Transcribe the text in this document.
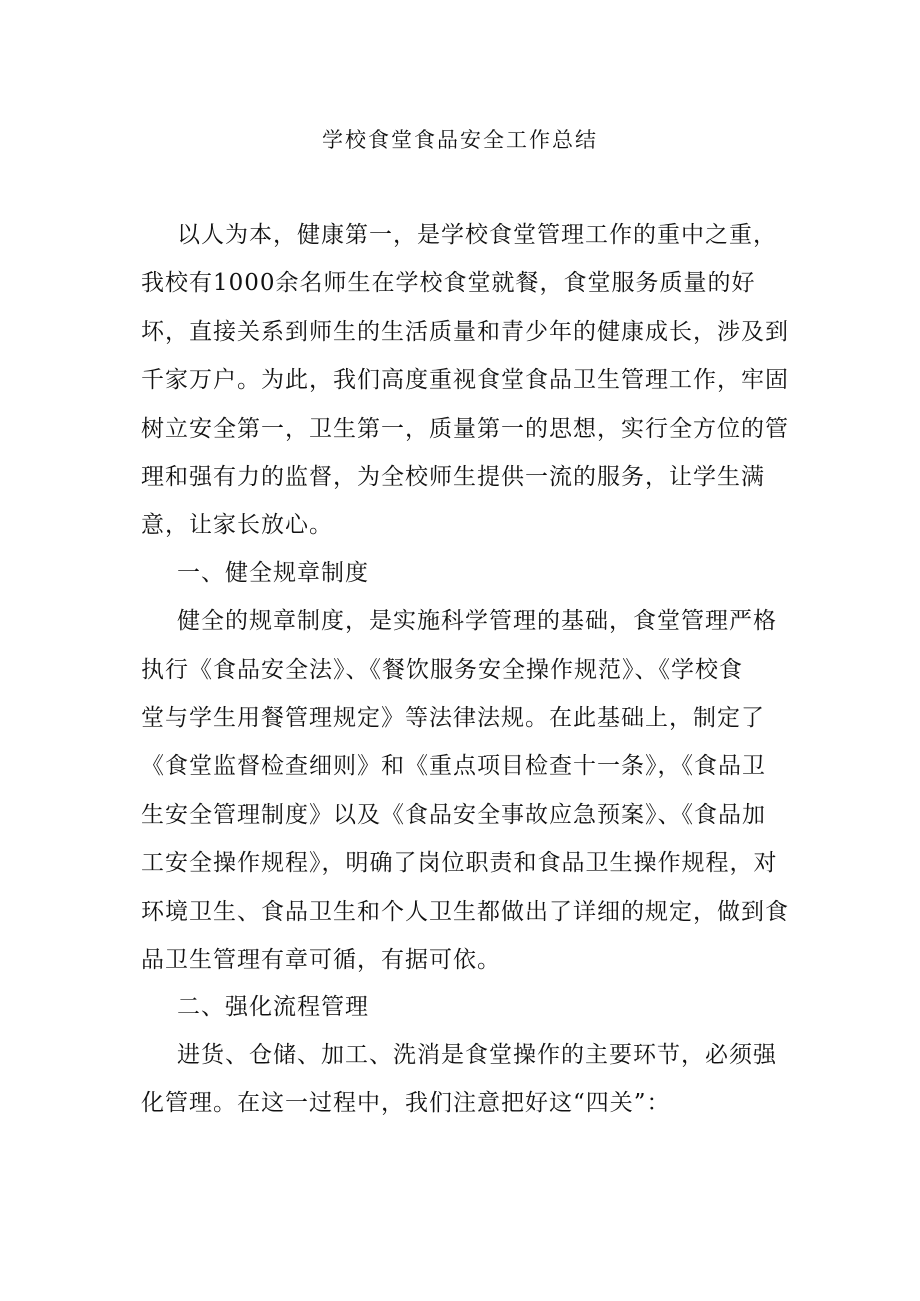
学校食堂食品安全工作总结

以人为本，健康第一，是学校食堂管理工作的重中之重，

我校有1000余名师生在学校食堂就餐，食堂服务质量的好

坏，直接关系到师生的生活质量和青少年的健康成长，涉及到

千家万户。为此，我们高度重视食堂食品卫生管理工作，牢固

树立安全第一，卫生第一，质量第一的思想，实行全方位的管

理和强有力的监督，为全校师生提供一流的服务，让学生满

意，让家长放心。

一、健全规章制度

健全的规章制度，是实施科学管理的基础，食堂管理严格

执行《食品安全法》、《餐饮服务安全操作规范》、《学校食

堂与学生用餐管理规定》等法律法规。在此基础上，制定了

《食堂监督检查细则》和《重点项目检查十一条》，《食品卫

生安全管理制度》以及《食品安全事故应急预案》、《食品加

工安全操作规程》，明确了岗位职责和食品卫生操作规程，对

环境卫生、食品卫生和个人卫生都做出了详细的规定，做到食

品卫生管理有章可循，有据可依。

二、强化流程管理

进货、仓储、加工、洗消是食堂操作的主要环节，必须强

化管理。在这一过程中，我们注意把好这“四关”：
